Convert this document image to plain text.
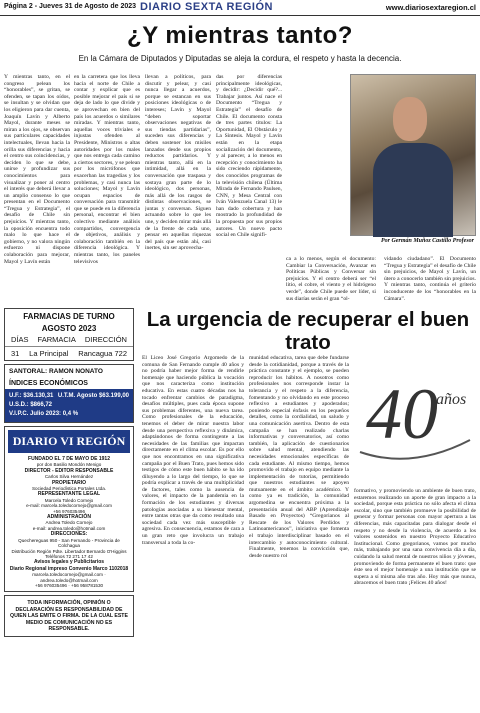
Página 2 - Jueves 31 de Agosto de 2023 DIARIO SEXTA REGIÓN	www.diariosextaregion.cl
¿Y mientras tanto?
En la Cámara de Diputados y Diputadas se aleja la cordura, el respeto y hasta la decencia.
Y mientras tanto, en el congreso pelean los “honorables”, se gritan, se ofenden, se tapan los oídos, se insultan y se olvidan que los eligieron para dar cuenta, Joaquín Lavín y Alberto Mayol, durante meses se miran a los ojos, se observan sus particulares capacidades intelectuales, llevan hacia la orilla sus diferencias y hacia el centro sus coincidencias, y deciden lo que se debe, unirse y profundizar sus conocimientos para visualizar y poner al centro el interés que deberá llevar a un amplio consenso lo que presentan en el Documento “Tregua y Estrategia”, el desafío de Chile sin prejuicios. Y mientras tanto, la oposición encuentra todo malo lo que hace el gobierno, y no valora ningún esfuerzo ni dispone colaboración para mejorar, Mayol y Lavín están
en la carretera que los lleva hacia el norte de Chile a contar y explicar que es posible mejorar el país si se deja de lado lo que divide y se aprovechan en bien del país los acuerdos o similares miradas. Y mientras tanto, aquellas voces triviales e injustas ofenden al Presidente, Ministros o altas autoridades por los males que nos entrega cada camino a ciertos sectores, y se pelean por los micrófonos que exacerban las tragedias y los problemas, y casi nunca las soluciones; Mayol y Lavín ocupan espacios de conversación para transmitir que se puede en la diferencia personal, encontrar el bien colectivo mediante análisis compartidos, convergencia de objetivos, análisis y colaboración también en la diferencia ideológica. Y mientras tanto, los paneles televisivos
llevan a políticos, para discutir y pelear, y casi nunca llegar a acuerdos, porque se estancan en sus posiciones ideológicas o de intereses; Lavín y Mayol “deben soportar observaciones negativas de sus tiendas partidarias”, suceden sus diferencias y deben sostener los misiles lanzados desde sus propios reductos partidarios. Y mientras tanto, allá en la intimidad, allá en la conversación que traspasa y sostaya gran parte de lo ideológico, dos personas, más allá de los rasgos de distintas observaciones, se juntas y conversan. Siguen actuando sobre lo que les une, y deciden mirar más allá de la frente de cada uno, pensar en aquellas riquezas del país que están ahí, casi inertes, sin ser aprovecha-
das por diferencias principalmente ideológicas, y decidir: ¿Decidir qué?... Trabajar juntos. Así nace el Documento “Tregua y Estrategia” el desafío de Chile. El documento consta de tres partes títulos: La Oportunidad, El Obstáculo y La Sintesis. Mayol y Lavín están en la etapa socialización del documento, y al parecer, a lo menos en recepción y conocimiento ha sido creciendo rápidamente, dos conocidos programas de la televisión chilena (Última Mirada de Fernando Paulsen, CNN, y Mesa Central con Iván Valenzuela Canal 13) le han dado cobertura y han mostrado la profundidad de la propuesta por sus propios autores. Un nuevo pacto social en Chile signifi-
Por Germán Muñoz Castillo Profesor
ca a lo menos, según el documento: Cambiar la Conversación, Avanzar en Políticas Públicas y Conversar sin prejuicios. Y el centro deberá ser “el litio, el cobre, el viento y el hidrógeno verde”, donde Chile puede ser líder, si sus diarías serán el gran “ol-
vidando ciudadano”. El Documento “Tregua y Estrategia” el desafío de Chile sin prejuicios, de Mayol y Lavín, un útero a conocerlo también sin prejuicios. Y mientras tanto, continúa el griterío inconducente de los “honorables en la Cámara”.
FARMACIAS DE TURNO
AGOSTO 2023
DÍAS FARMACIA DIRECCIÓN
31 La Principal Rancagua 722
SANTORAL: RAMON NONATO
ÍNDICES ECONÓMICOS
U.F.: $36.130,31 U.T.M. Agosto $63.199,00
U.S.D.: $866,72
V.I.P.C. Julio 2023: 0,4 %
DIARIO VI REGIÓN
FUNDADO EL 7 DE MAYO DE 1912
por don Basilio Mondón Menigo
DIRECTOR - EDITOR RESPONSABLE
Carlos Silva Hernández
PROPIETARIO
Sociedad Periodística Portales Ltda.
REPRESENTANTE LEGAL
Marcela Toledo Cornejo
e-mail: marcela.toledocornejo@gmail.com
+56 976035496
ADMINISTRACIÓN
Andrea Toledo Cornejo
e-mail: andrea.toledo@hotmail.com
DIRECCIONES:
Quechereguas 950 - San Fernando - Provincia de Colchagua
Distribución Región Pdte. Libertador Bernardo O'Higgins
Teléfonos 72 271 17 42
Avisos legales y Publicitarios
Diario Regional impreso Convenio Marco 1102018
marcela.toledocornejo@gmail.com · andrea.toledo@hotmail.com
+56 976035496 · +56 958781530
TODA INFORMACIÓN, OPINIÓN O DECLARACIÓN ES RESPONSABILIDAD DE QUIEN LAS EMITE O FIRMA. DE LA CUAL ESTE MEDIO DE COMUNICACIÓN NO ES RESPONSABLE.
La urgencia de recuperar el buen trato
El Liceo José Gregorio Argomedo de la comuna de San Fernando cumple 40 años y no podría haber mejor forma de rendirle homenaje que haciendo pública la vocación que nos caracteriza como institución educativa. En estas cuatro décadas nos ha tocado enfrentar cambios de paradigma, desafíos múltiples, pues cada época supone sus problemas diferentes, una nueva tarea. Como profesionales de la educación, tenemos el deber de mirar nuestra labor desde una perspectiva reflexiva y dinámica, adaptándonos de forma contingente a las necesidades de las familias que impactan directamente en el clima escolar. Es por ello que nos encontramos en una significativa campaña por el Buen Trato, pues hemos sido testigos de cómo este buen hábito se ha ido diluyendo a lo largo del tiempo, lo que se podría explicar a través de una multiplicidad de factores, tales como la ausencia de valores, el impacto de la pandemia en la formación de los estudiantes y diversas patologías asociadas a su bienestar mental, entre tantas otras que da como resultado una sociedad cada vez más susceptible y agresiva. En consecuencia, estamos de cara a un gran reto que involucra un trabajo transversal a toda la co-
munidad educativa, tarea que debe fundarse desde la cotidianidad, porque a través de la práctica constante y el ejemplo, se pueden reproducir los hábitos. A nosotros como profesionales nos corresponde instar la tolerancia y el respeto a la diferencia, fomentando y no olvidando en este proceso reflexivo a estudiantes y apoderados; poniendo especial énfasis en los pequeños detalles, como la cordialidad, un saludo y una comunicación asertiva. Dentro de esta campaña se han realizado charlas informativas y conversatorios, así como también, la aplicación de cuestionarios sobre salud mental, atendiendo las necesidades emocionales específicas de cada estudiante. Al mismo tiempo, hemos promovido el trabajo en equipo mediante la implementación de tutorías, permitiendo que nuestros estudiantes se apoyen mutuamente en el ámbito académico. Y como ya es tradición, la comunidad argomedina se encuentra próxima a la presentación anual del ABP (Aprendizaje Basado en Proyectos) “Gregorianos al Rescate de los Valores Perdidos y Latinoamericanos”, iniciativa que fomenta el trabajo interdisciplinar basado en el intercambio y autoconocimiento cultural. Finalmente, tenemos la convicción que, desde nuestro rol
40
años
formativo, y promoviendo un ambiente de buen trato, estaremos realizando un aporte de gran impacto a la sociedad, porque esta práctica no sólo afecta el clima escolar, sino que también promueve la posibilidad de generar y formar personas con mayor apertura a las diferencias, más capacitadas para dialogar desde el respeto y no desde la violencia, de acuerdo a los valores sostenidos en nuestro Proyecto Educativo Institucional. Como gregorianos, vamos por mucho más, trabajando por una sana convivencia día a día, cuidando la salud mental de nuestros niños y jóvenes, promoviendo de forma permanente el buen trato: que éste sea el mejor homenaje a una institución que se supera a sí misma año tras año. Hoy más que nunca, abracemos el buen trato ¡Felices 40 años!
